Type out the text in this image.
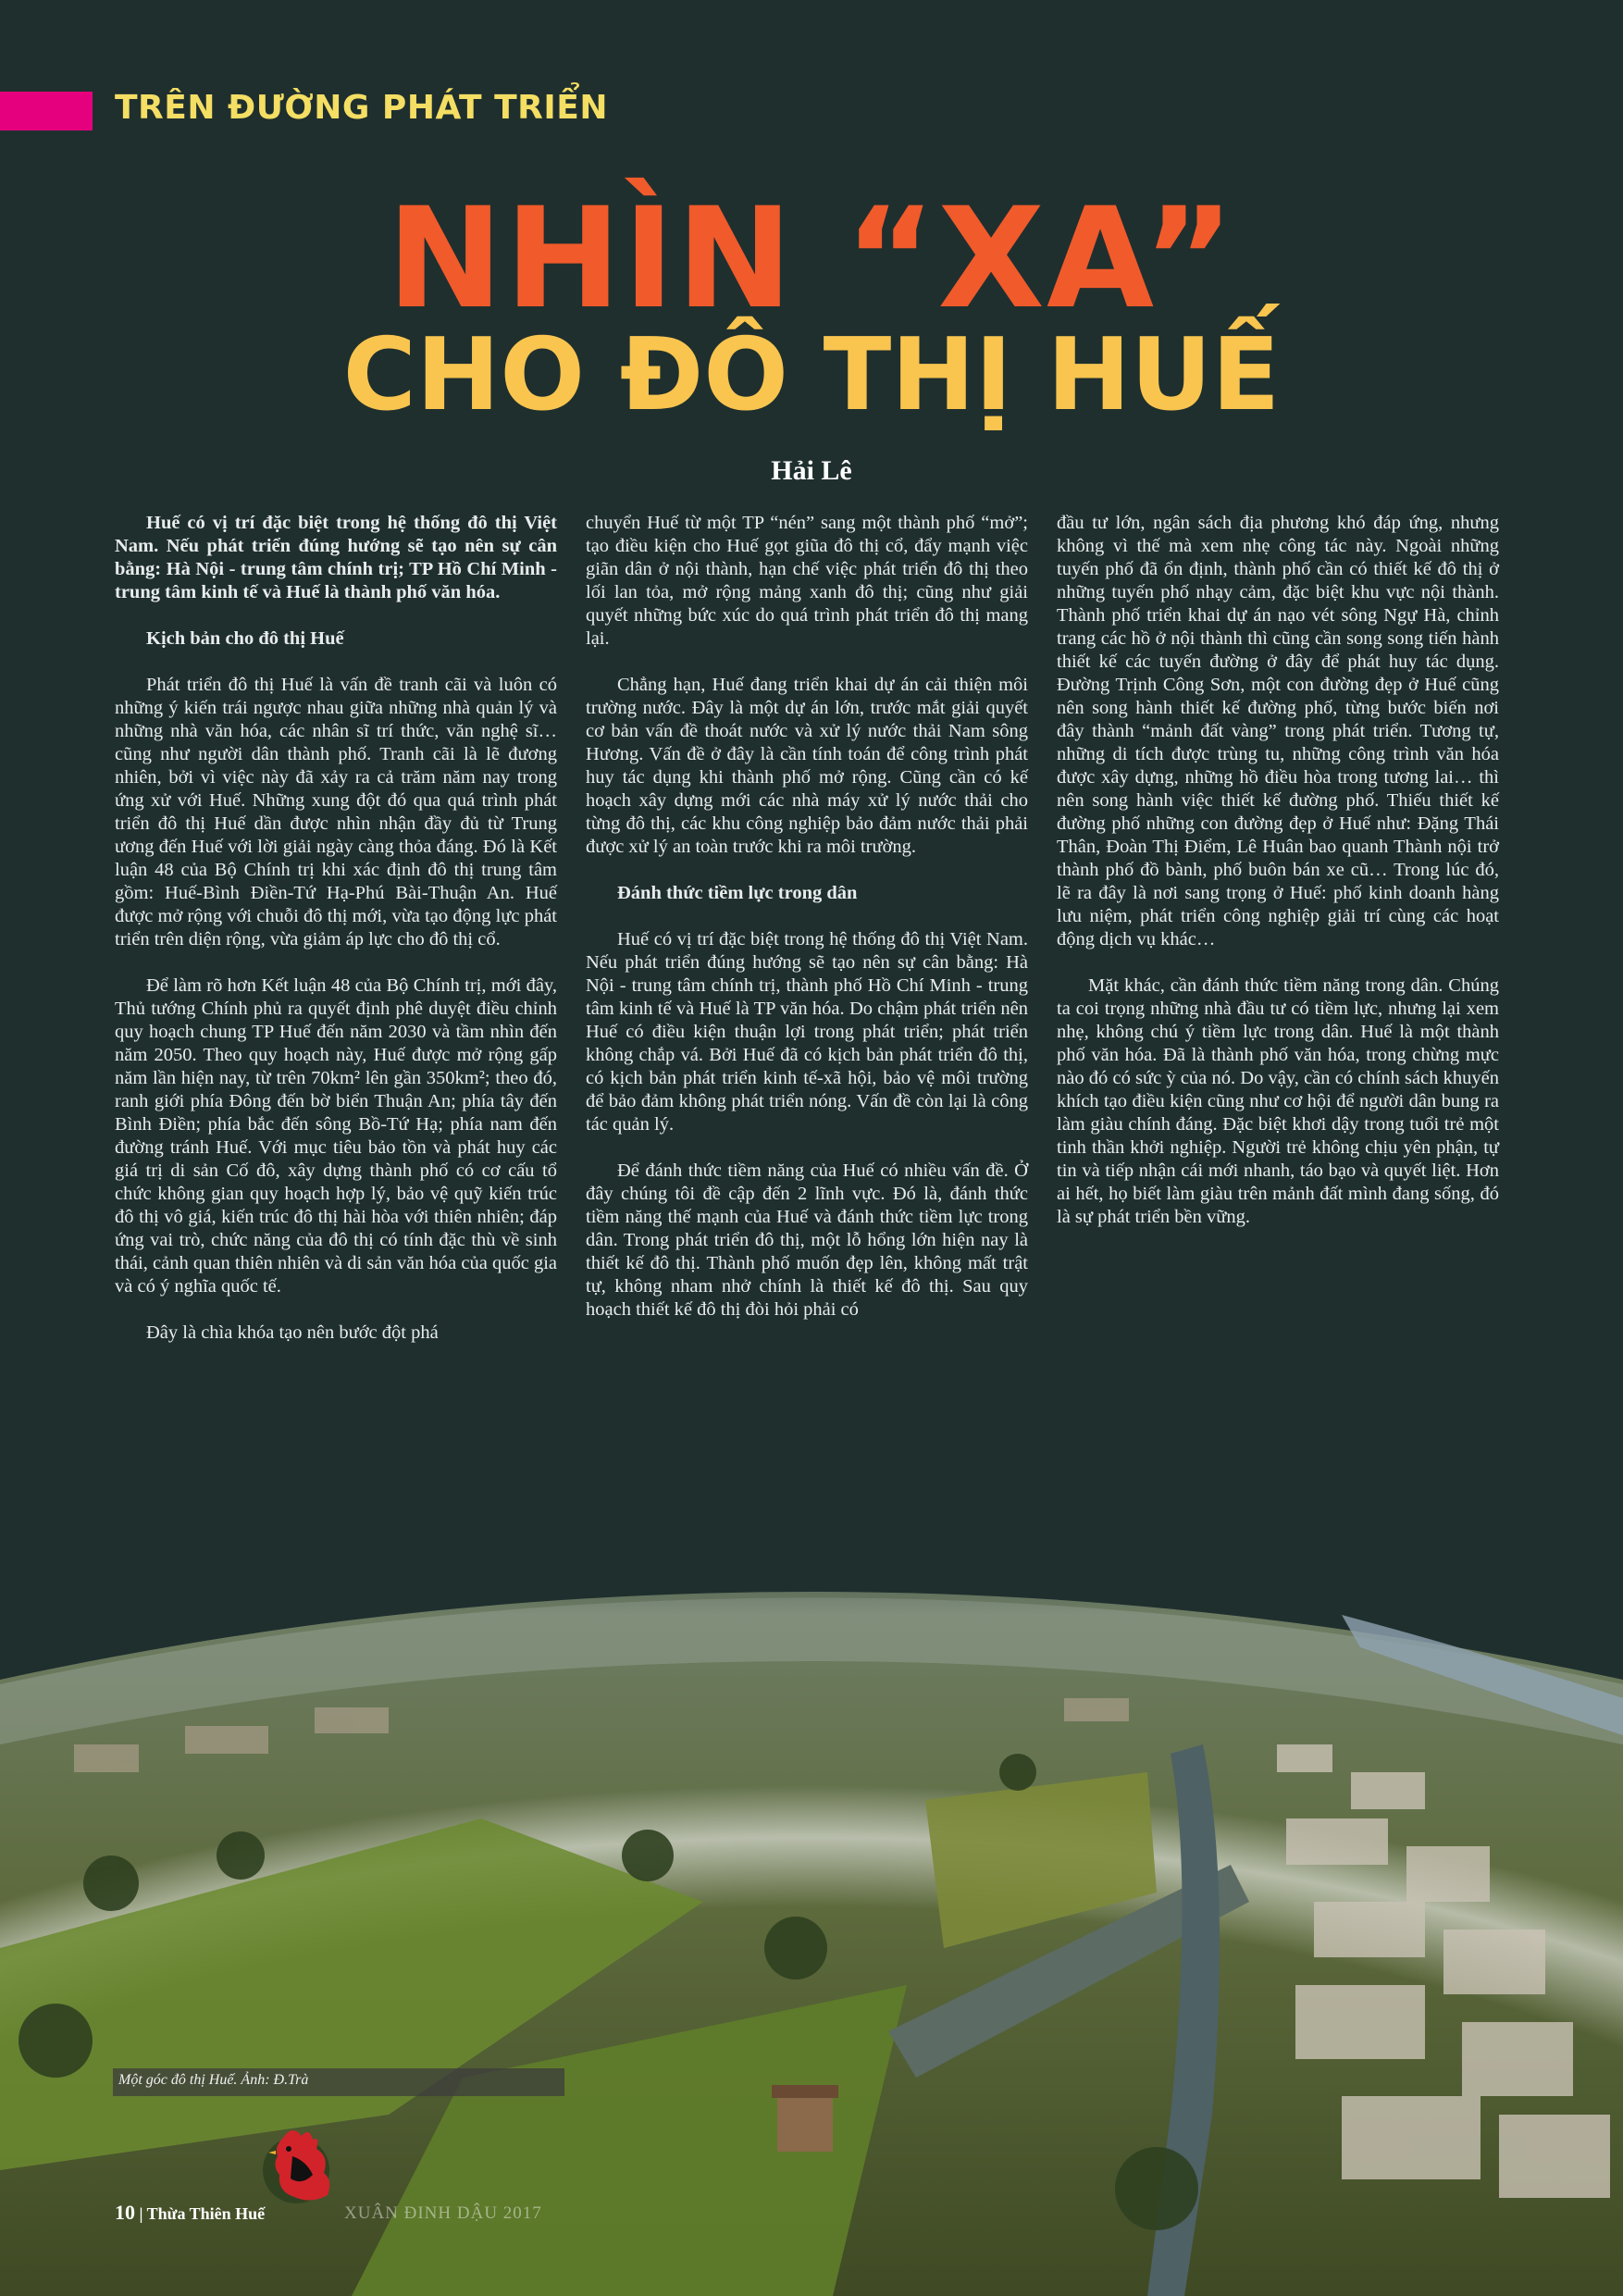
TRÊN ĐƯỜNG PHÁT TRIỂN
NHÌN “XA”
CHO ĐÔ THỊ HUẾ
Hải Lê

Huế có vị trí đặc biệt trong hệ thống đô thị Việt Nam. Nếu phát triển đúng hướng sẽ tạo nên sự cân bằng: Hà Nội - trung tâm chính trị; TP Hồ Chí Minh - trung tâm kinh tế và Huế là thành phố văn hóa.

Kịch bản cho đô thị Huế

Phát triển đô thị Huế là vấn đề tranh cãi và luôn có những ý kiến trái ngược nhau giữa những nhà quản lý và những nhà văn hóa, các nhân sĩ trí thức, văn nghệ sĩ… cũng như người dân thành phố. Tranh cãi là lẽ đương nhiên, bởi vì việc này đã xảy ra cả trăm năm nay trong ứng xử với Huế. Những xung đột đó qua quá trình phát triển đô thị Huế dần được nhìn nhận đầy đủ từ Trung ương đến Huế với lời giải ngày càng thỏa đáng. Đó là Kết luận 48 của Bộ Chính trị khi xác định đô thị trung tâm gồm: Huế-Bình Điền-Tứ Hạ-Phú Bài-Thuận An. Huế được mở rộng với chuỗi đô thị mới, vừa tạo động lực phát triển trên diện rộng, vừa giảm áp lực cho đô thị cổ.

Để làm rõ hơn Kết luận 48 của Bộ Chính trị, mới đây, Thủ tướng Chính phủ ra quyết định phê duyệt điều chỉnh quy hoạch chung TP Huế đến năm 2030 và tầm nhìn đến năm 2050. Theo quy hoạch này, Huế được mở rộng gấp năm lần hiện nay, từ trên 70km² lên gần 350km²; theo đó, ranh giới phía Đông đến bờ biển Thuận An; phía tây đến Bình Điền; phía bắc đến sông Bồ-Tứ Hạ; phía nam đến đường tránh Huế. Với mục tiêu bảo tồn và phát huy các giá trị di sản Cố đô, xây dựng thành phố có cơ cấu tổ chức không gian quy hoạch hợp lý, bảo vệ quỹ kiến trúc đô thị vô giá, kiến trúc đô thị hài hòa với thiên nhiên; đáp ứng vai trò, chức năng của đô thị có tính đặc thù về sinh thái, cảnh quan thiên nhiên và di sản văn hóa của quốc gia và có ý nghĩa quốc tế.

Đây là chìa khóa tạo nên bước đột phá

chuyển Huế từ một TP “nén” sang một thành phố “mở”; tạo điều kiện cho Huế gọt giũa đô thị cổ, đẩy mạnh việc giãn dân ở nội thành, hạn chế việc phát triển đô thị theo lối lan tỏa, mở rộng mảng xanh đô thị; cũng như giải quyết những bức xúc do quá trình phát triển đô thị mang lại.

Chẳng hạn, Huế đang triển khai dự án cải thiện môi trường nước. Đây là một dự án lớn, trước mắt giải quyết cơ bản vấn đề thoát nước và xử lý nước thải Nam sông Hương. Vấn đề ở đây là cần tính toán để công trình phát huy tác dụng khi thành phố mở rộng. Cũng cần có kế hoạch xây dựng mới các nhà máy xử lý nước thải cho từng đô thị, các khu công nghiệp bảo đảm nước thải phải được xử lý an toàn trước khi ra môi trường.

Đánh thức tiềm lực trong dân

Huế có vị trí đặc biệt trong hệ thống đô thị Việt Nam. Nếu phát triển đúng hướng sẽ tạo nên sự cân bằng: Hà Nội - trung tâm chính trị, thành phố Hồ Chí Minh - trung tâm kinh tế và Huế là TP văn hóa. Do chậm phát triển nên Huế có điều kiện thuận lợi trong phát triển; phát triển không chắp vá. Bởi Huế đã có kịch bản phát triển đô thị, có kịch bản phát triển kinh tế-xã hội, bảo vệ môi trường để bảo đảm không phát triển nóng. Vấn đề còn lại là công tác quản lý.

Để đánh thức tiềm năng của Huế có nhiều vấn đề. Ở đây chúng tôi đề cập đến 2 lĩnh vực. Đó là, đánh thức tiềm năng thế mạnh của Huế và đánh thức tiềm lực trong dân. Trong phát triển đô thị, một lỗ hổng lớn hiện nay là thiết kế đô thị. Thành phố muốn đẹp lên, không mất trật tự, không nham nhở chính là thiết kế đô thị. Sau quy hoạch thiết kế đô thị đòi hỏi phải có

đầu tư lớn, ngân sách địa phương khó đáp ứng, nhưng không vì thế mà xem nhẹ công tác này. Ngoài những tuyến phố đã ổn định, thành phố cần có thiết kế đô thị ở những tuyến phố nhạy cảm, đặc biệt khu vực nội thành. Thành phố triển khai dự án nạo vét sông Ngự Hà, chỉnh trang các hồ ở nội thành thì cũng cần song song tiến hành thiết kế các tuyến đường ở đây để phát huy tác dụng. Đường Trịnh Công Sơn, một con đường đẹp ở Huế cũng nên song hành thiết kế đường phố, từng bước biến nơi đây thành “mảnh đất vàng” trong phát triển. Tương tự, những di tích được trùng tu, những công trình văn hóa được xây dựng, những hồ điều hòa trong tương lai… thì nên song hành việc thiết kế đường phố. Thiếu thiết kế đường phố những con đường đẹp ở Huế như: Đặng Thái Thân, Đoàn Thị Điểm, Lê Huân bao quanh Thành nội trở thành phố đồ bành, phố buôn bán xe cũ… Trong lúc đó, lẽ ra đây là nơi sang trọng ở Huế: phố kinh doanh hàng lưu niệm, phát triển công nghiệp giải trí cùng các hoạt động dịch vụ khác…

Mặt khác, cần đánh thức tiềm năng trong dân. Chúng ta coi trọng những nhà đầu tư có tiềm lực, nhưng lại xem nhẹ, không chú ý tiềm lực trong dân. Huế là một thành phố văn hóa. Đã là thành phố văn hóa, trong chừng mực nào đó có sức ỳ của nó. Do vậy, cần có chính sách khuyến khích tạo điều kiện cũng như cơ hội để người dân bung ra làm giàu chính đáng. Đặc biệt khơi dậy trong tuổi trẻ một tinh thần khởi nghiệp. Người trẻ không chịu yên phận, tự tin và tiếp nhận cái mới nhanh, táo bạo và quyết liệt. Hơn ai hết, họ biết làm giàu trên mảnh đất mình đang sống, đó là sự phát triển bền vững.

Một góc đô thị Huế. Ảnh: Đ.Trà
10 | Thừa Thiên Huế	XUÂN ĐINH DẬU 2017
